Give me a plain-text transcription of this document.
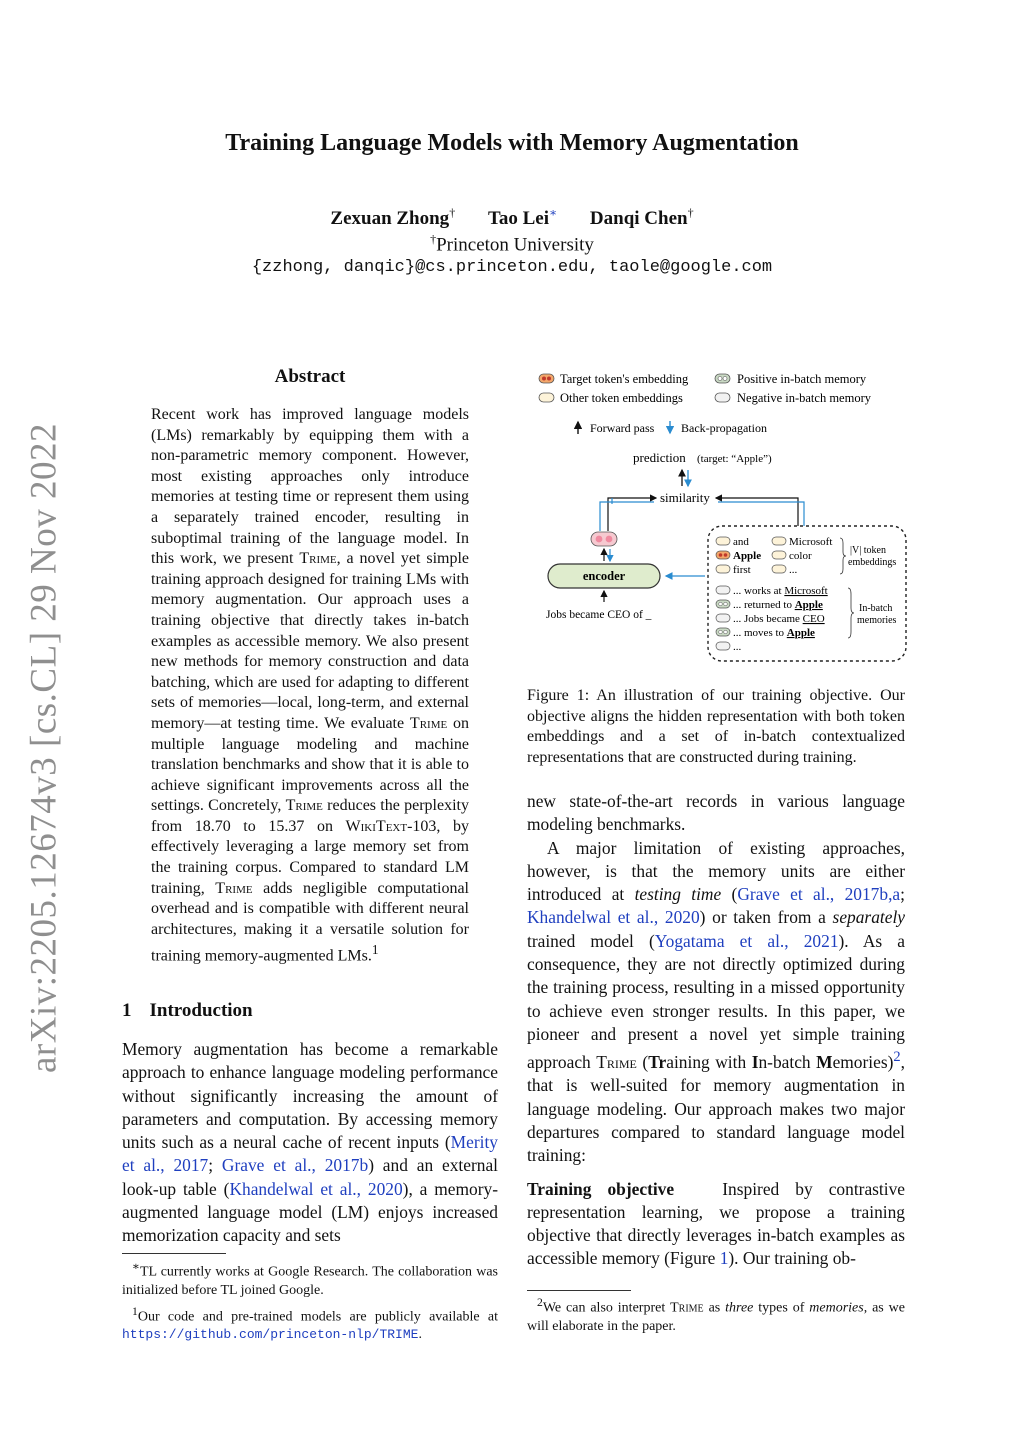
arXiv:2205.12674v3 [cs.CL] 29 Nov 2022
Training Language Models with Memory Augmentation
Zexuan Zhong† Tao Lei∗ Danqi Chen†
†Princeton University
{zzhong, danqic}@cs.princeton.edu, taole@google.com
Abstract
Recent work has improved language models (LMs) remarkably by equipping them with a non-parametric memory component. However, most existing approaches only introduce memories at testing time or represent them using a separately trained encoder, resulting in suboptimal training of the language model. In this work, we present Trime, a novel yet simple training approach designed for training LMs with memory augmentation. Our approach uses a training objective that directly takes in-batch examples as accessible memory. We also present new methods for memory construction and data batching, which are used for adapting to different sets of memories—local, long-term, and external memory—at testing time. We evaluate Trime on multiple language modeling and machine translation benchmarks and show that it is able to achieve significant improvements across all the settings. Concretely, Trime reduces the perplexity from 18.70 to 15.37 on WikiText-103, by effectively leveraging a large memory set from the training corpus. Compared to standard LM training, Trime adds negligible computational overhead and is compatible with different neural architectures, making it a versatile solution for training memory-augmented LMs.$^1$
1 Introduction
Memory augmentation has become a remarkable approach to enhance language modeling performance without significantly increasing the amount of parameters and computation. By accessing memory units such as a neural cache of recent inputs (Merity et al., 2017; Grave et al., 2017b) and an external look-up table (Khandelwal et al., 2020), a memory-augmented language model (LM) enjoys increased memorization capacity and sets

∗TL currently works at Google Research. The collaboration was initialized before TL joined Google.

$^1$Our code and pre-trained models are publicly available at https://github.com/princeton-nlp/TRIME.

Target token's embedding	Positive in-batch memory
Other token embeddings	Negative in-batch memory
Forward pass Back-propagation
prediction (target: “Apple”)
similarity
encoder
Jobs became CEO of _
and
Apple
first
Microsoft
color
...
|V| token
embeddings
... works at Microsoft
... returned to Apple
... Jobs became CEO
... moves to Apple
...
In-batch
memories
Figure 1: An illustration of our training objective. Our objective aligns the hidden representation with both token embeddings and a set of in-batch contextualized representations that are constructed during training.

new state-of-the-art records in various language modeling benchmarks.

A major limitation of existing approaches, however, is that the memory units are either introduced at testing time (Grave et al., 2017b,a; Khandelwal et al., 2020) or taken from a separately trained model (Yogatama et al., 2021). As a consequence, they are not directly optimized during the training process, resulting in a missed opportunity to achieve even stronger results. In this paper, we pioneer and present a novel yet simple training approach Trime (Training with In-batch Memories)$^2$, that is well-suited for memory augmentation in language modeling. Our approach makes two major departures compared to standard language model training:

Training objective	Inspired by contrastive representation learning, we propose a training objective that directly leverages in-batch examples as accessible memory (Figure 1). Our training ob-

$^2$We can also interpret Trime as three types of memories, as we will elaborate in the paper.
